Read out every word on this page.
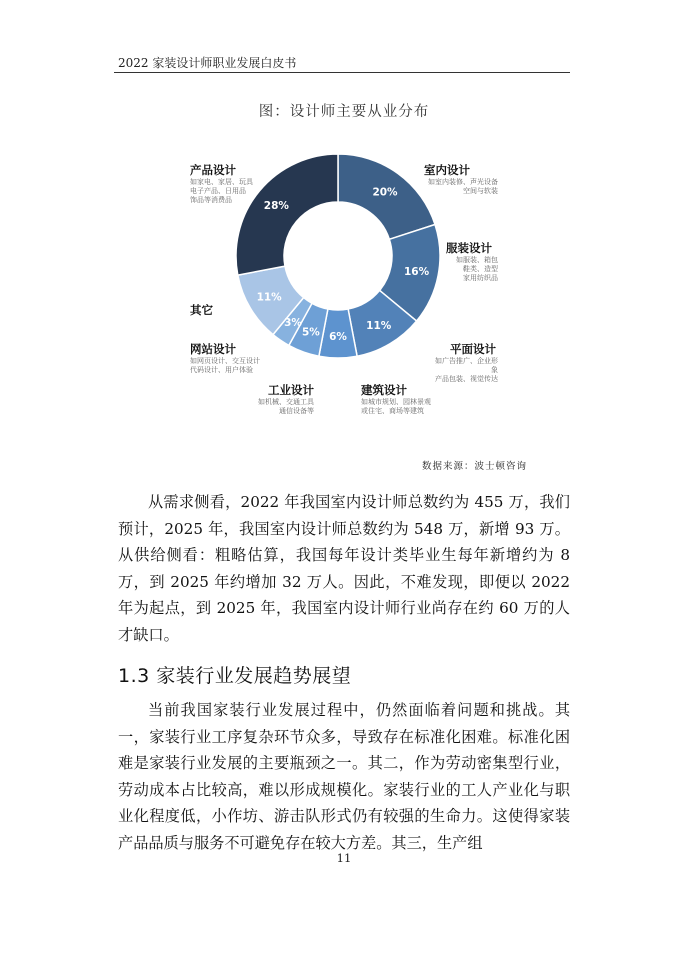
2022 家装设计师职业发展白皮书
图：设计师主要从业分布
20%
16%
11%
6%
5%
3%
11%
28%
室内设计
如室内装修、声光设备
空间与软装
服装设计
如服装、箱包
鞋类、造型
家用纺织品
平面设计
如广告推广、企业形象
产品包装、视觉传达
建筑设计
如城市规划、园林景观
或住宅、商场等建筑
工业设计
如机械、交通工具
通信设备等
网站设计
如网页设计、交互设计
代码设计、用户体验
其它
产品设计
如家电、家居、玩具
电子产品、日用品
饰品等消费品
数据来源：波士顿咨询

从需求侧看，2022 年我国室内设计师总数约为 455 万，我们预计，2025 年，我国室内设计师总数约为 548 万，新增 93 万。从供给侧看：粗略估算，我国每年设计类毕业生每年新增约为 8 万，到 2025 年约增加 32 万人。因此，不难发现，即便以 2022 年为起点，到 2025 年，我国室内设计师行业尚存在约 60 万的人才缺口。

1.3 家装行业发展趋势展望

当前我国家装行业发展过程中，仍然面临着问题和挑战。其一，家装行业工序复杂环节众多，导致存在标准化困难。标准化困难是家装行业发展的主要瓶颈之一。其二，作为劳动密集型行业，劳动成本占比较高，难以形成规模化。家装行业的工人产业化与职业化程度低，小作坊、游击队形式仍有较强的生命力。这使得家装产品品质与服务不可避免存在较大方差。其三，生产组

11
